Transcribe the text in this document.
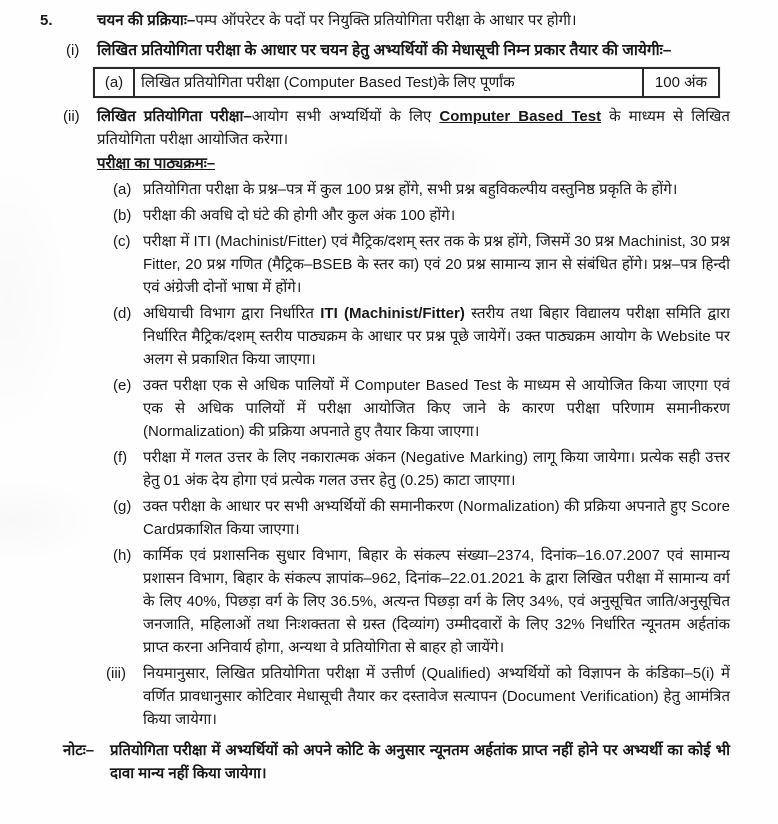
5.	चयन की प्रक्रियाः–पम्प ऑपरेटर के पदों पर नियुक्ति प्रतियोगिता परीक्षा के आधार पर होगी।
(i)	लिखित प्रतियोगिता परीक्षा के आधार पर चयन हेतु अभ्यर्थियों की मेधासूची निम्न प्रकार तैयार की जायेगीः–
(a)	लिखित प्रतियोगिता परीक्षा (Computer Based Test)के लिए पूर्णांक	100 अंक
(ii)	लिखित प्रतियोगिता परीक्षा–आयोग सभी अभ्यर्थियों के लिए Computer Based Test के माध्यम से लिखित प्रतियोगिता परीक्षा आयोजित करेगा।
परीक्षा का पाठ्यक्रमः–
(a) प्रतियोगिता परीक्षा के प्रश्न–पत्र में कुल 100 प्रश्न होंगे, सभी प्रश्न बहुविकल्पीय वस्तुनिष्ठ प्रकृति के होंगे।
(b) परीक्षा की अवधि दो घंटे की होगी और कुल अंक 100 होंगे।
(c) परीक्षा में ITI (Machinist/Fitter) एवं मैट्रिक/दशम् स्तर तक के प्रश्न होंगे, जिसमें 30 प्रश्न Machinist, 30 प्रश्न Fitter, 20 प्रश्न गणित (मैट्रिक–BSEB के स्तर का) एवं 20 प्रश्न सामान्य ज्ञान से संबंधित होंगे। प्रश्न–पत्र हिन्दी एवं अंग्रेजी दोनों भाषा में होंगे।
(d) अधियाची विभाग द्वारा निर्धारित ITI (Machinist/Fitter) स्तरीय तथा बिहार विद्यालय परीक्षा समिति द्वारा निर्धारित मैट्रिक/दशम् स्तरीय पाठ्यक्रम के आधार पर प्रश्न पूछे जायेगें। उक्त पाठ्यक्रम आयोग के Website पर अलग से प्रकाशित किया जाएगा।
(e) उक्त परीक्षा एक से अधिक पालियों में Computer Based Test के माध्यम से आयोजित किया जाएगा एवं एक से अधिक पालियों में परीक्षा आयोजित किए जाने के कारण परीक्षा परिणाम समानीकरण (Normalization) की प्रक्रिया अपनाते हुए तैयार किया जाएगा।
(f)	परीक्षा में गलत उत्तर के लिए नकारात्मक अंकन (Negative Marking) लागू किया जायेगा। प्रत्येक सही उत्तर हेतु 01 अंक देय होगा एवं प्रत्येक गलत उत्तर हेतु (0.25) काटा जाएगा।
(g) उक्त परीक्षा के आधार पर सभी अभ्यर्थियों की समानीकरण (Normalization) की प्रक्रिया अपनाते हुए Score Cardप्रकाशित किया जाएगा।
(h) कार्मिक एवं प्रशासनिक सुधार विभाग, बिहार के संकल्प संख्या–2374, दिनांक–16.07.2007 एवं सामान्य प्रशासन विभाग, बिहार के संकल्प ज्ञापांक–962, दिनांक–22.01.2021 के द्वारा लिखित परीक्षा में सामान्य वर्ग के लिए 40%, पिछड़ा वर्ग के लिए 36.5%, अत्यन्त पिछड़ा वर्ग के लिए 34%, एवं अनुसूचित जाति/अनुसूचित जनजाति, महिलाओं तथा निःशक्तता से ग्रस्त (दिव्यांग) उम्मीदवारों के लिए 32% निर्धारित न्यूनतम अर्हतांक प्राप्त करना अनिवार्य होगा, अन्यथा वे प्रतियोगिता से बाहर हो जायेंगे।
(iii)	नियमानुसार, लिखित प्रतियोगिता परीक्षा में उत्तीर्ण (Qualified) अभ्यर्थियों को विज्ञापन के कंडिका–5(i) में वर्णित प्रावधानुसार कोटिवार मेधासूची तैयार कर दस्तावेज सत्यापन (Document Verification) हेतु आमंत्रित किया जायेगा।
नोटः–	प्रतियोगिता परीक्षा में अभ्यर्थियों को अपने कोटि के अनुसार न्यूनतम अर्हतांक प्राप्त नहीं होने पर अभ्यर्थी का कोई भी दावा मान्य नहीं किया जायेगा।
